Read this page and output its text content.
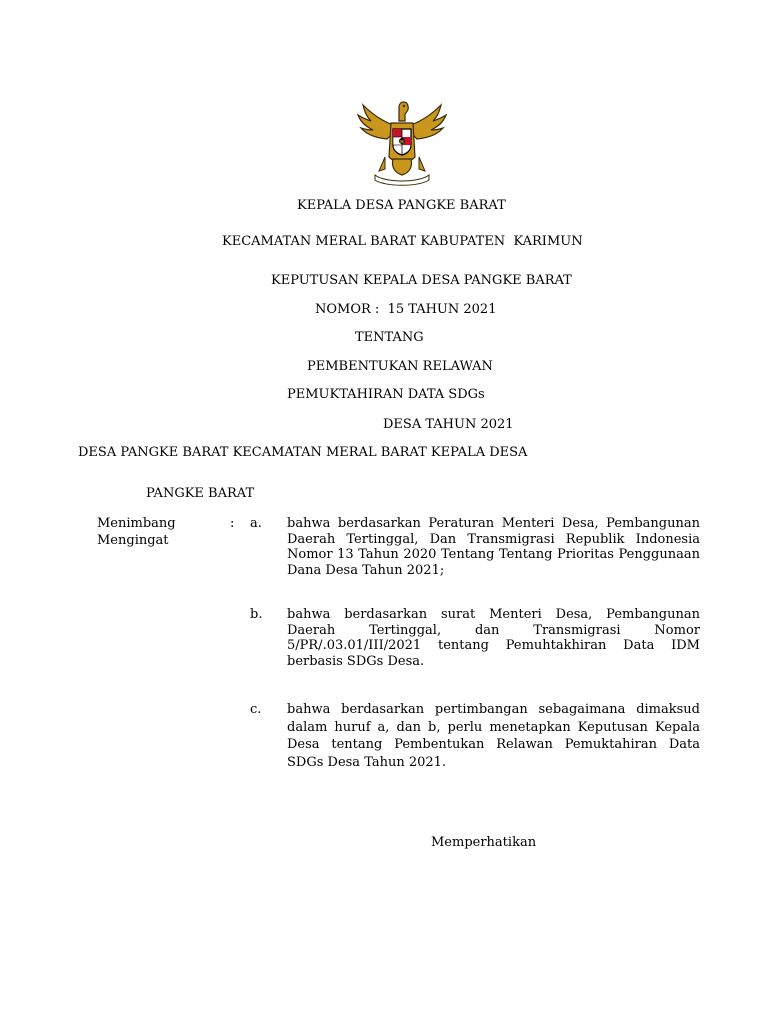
KEPALA DESA PANGKE BARAT
KECAMATAN MERAL BARAT KABUPATEN  KARIMUN
KEPUTUSAN KEPALA DESA PANGKE BARAT
NOMOR :  15 TAHUN 2021
TENTANG
PEMBENTUKAN RELAWAN
PEMUKTAHIRAN DATA SDGs
DESA TAHUN 2021
DESA PANGKE BARAT KECAMATAN MERAL BARAT KEPALA DESA
PANGKE BARAT
Menimbang
Mengingat
: a. bahwa berdasarkan Peraturan Menteri Desa, Pembangunan Daerah Tertinggal, Dan Transmigrasi Republik Indonesia Nomor 13 Tahun 2020 Tentang Tentang Prioritas Penggunaan Dana Desa Tahun 2021;
b. bahwa berdasarkan surat Menteri Desa, Pembangunan Daerah Tertinggal, dan Transmigrasi Nomor 5/PR/.03.01/III/2021 tentang Pemuhtakhiran Data IDM berbasis SDGs Desa.
c. bahwa berdasarkan pertimbangan sebagaimana dimaksud dalam huruf a, dan b, perlu menetapkan Keputusan Kepala Desa tentang Pembentukan Relawan Pemuktahiran Data SDGs Desa Tahun 2021.
Memperhatikan
